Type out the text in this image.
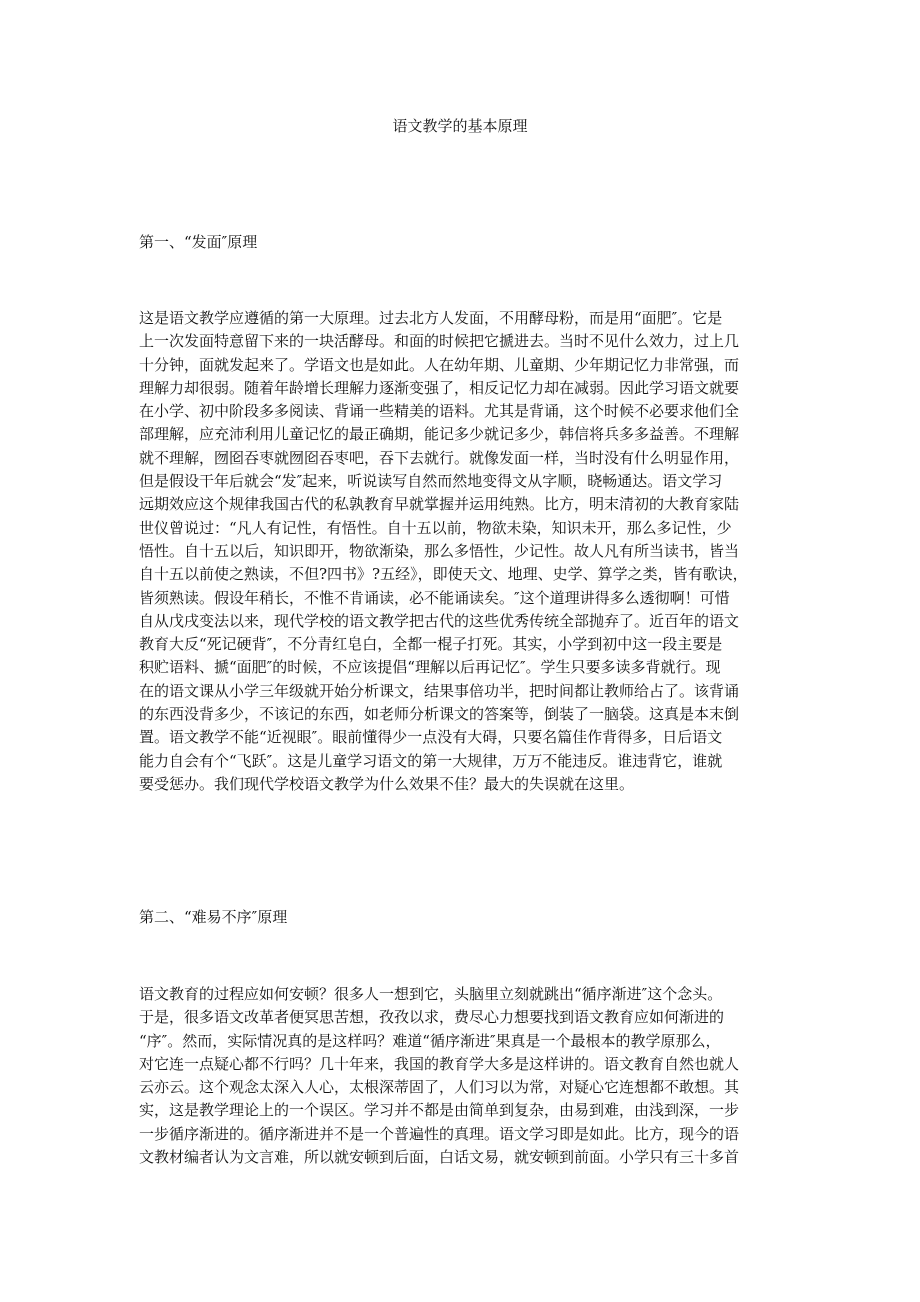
语文教学的基本原理
第一、“发面″原理
这是语文教学应遵循的第一大原理。过去北方人发面，不用酵母粉，而是用“面肥″。它是
上一次发面特意留下来的一块活酵母。和面的时候把它搋进去。当时不见什么效力，过上几
十分钟，面就发起来了。学语文也是如此。人在幼年期、儿童期、少年期记忆力非常强，而
理解力却很弱。随着年龄增长理解力逐渐变强了，相反记忆力却在减弱。因此学习语文就要
在小学、初中阶段多多阅读、背诵一些精美的语料。尤其是背诵，这个时候不必要求他们全
部理解，应充沛利用儿童记忆的最正确期，能记多少就记多少，韩信将兵多多益善。不理解
就不理解，囫囵吞枣就囫囵吞枣吧，吞下去就行。就像发面一样，当时没有什么明显作用，
但是假设干年后就会“发″起来，听说读写自然而然地变得文从字顺，晓畅通达。语文学习
远期效应这个规律我国古代的私孰教育早就掌握并运用纯熟。比方，明末清初的大教育家陆
世仪曾说过：“凡人有记性，有悟性。自十五以前，物欲未染，知识未开，那么多记性，少
悟性。自十五以后，知识即开，物欲渐染，那么多悟性，少记性。故人凡有所当读书，皆当
自十五以前使之熟读，不但?四书》?五经》，即使天文、地理、史学、算学之类，皆有歌诀，
皆须熟读。假设年稍长，不惟不肯诵读，必不能诵读矣。″这个道理讲得多么透彻啊！可惜
自从戊戌变法以来，现代学校的语文教学把古代的这些优秀传统全部抛弃了。近百年的语文
教育大反“死记硬背″，不分青红皂白，全都一棍子打死。其实，小学到初中这一段主要是
积贮语料、搋“面肥″的时候，不应该提倡“理解以后再记忆″。学生只要多读多背就行。现
在的语文课从小学三年级就开始分析课文，结果事倍功半，把时间都让教师给占了。该背诵
的东西没背多少，不该记的东西，如老师分析课文的答案等，倒装了一脑袋。这真是本末倒
置。语文教学不能“近视眼″。眼前懂得少一点没有大碍，只要名篇佳作背得多，日后语文
能力自会有个“飞跃″。这是儿童学习语文的第一大规律，万万不能违反。谁违背它，谁就
要受惩办。我们现代学校语文教学为什么效果不佳？最大的失误就在这里。
第二、“难易不序″原理
语文教育的过程应如何安顿？很多人一想到它，头脑里立刻就跳出“循序渐进″这个念头。
于是，很多语文改革者便冥思苦想，孜孜以求，费尽心力想要找到语文教育应如何渐进的
“序″。然而，实际情况真的是这样吗？难道“循序渐进″果真是一个最根本的教学原那么，
对它连一点疑心都不行吗？几十年来，我国的教育学大多是这样讲的。语文教育自然也就人
云亦云。这个观念太深入人心，太根深蒂固了，人们习以为常，对疑心它连想都不敢想。其
实，这是教学理论上的一个误区。学习并不都是由简单到复杂，由易到难，由浅到深，一步
一步循序渐进的。循序渐进并不是一个普遍性的真理。语文学习即是如此。比方，现今的语
文教材编者认为文言难，所以就安顿到后面，白话文易，就安顿到前面。小学只有三十多首
